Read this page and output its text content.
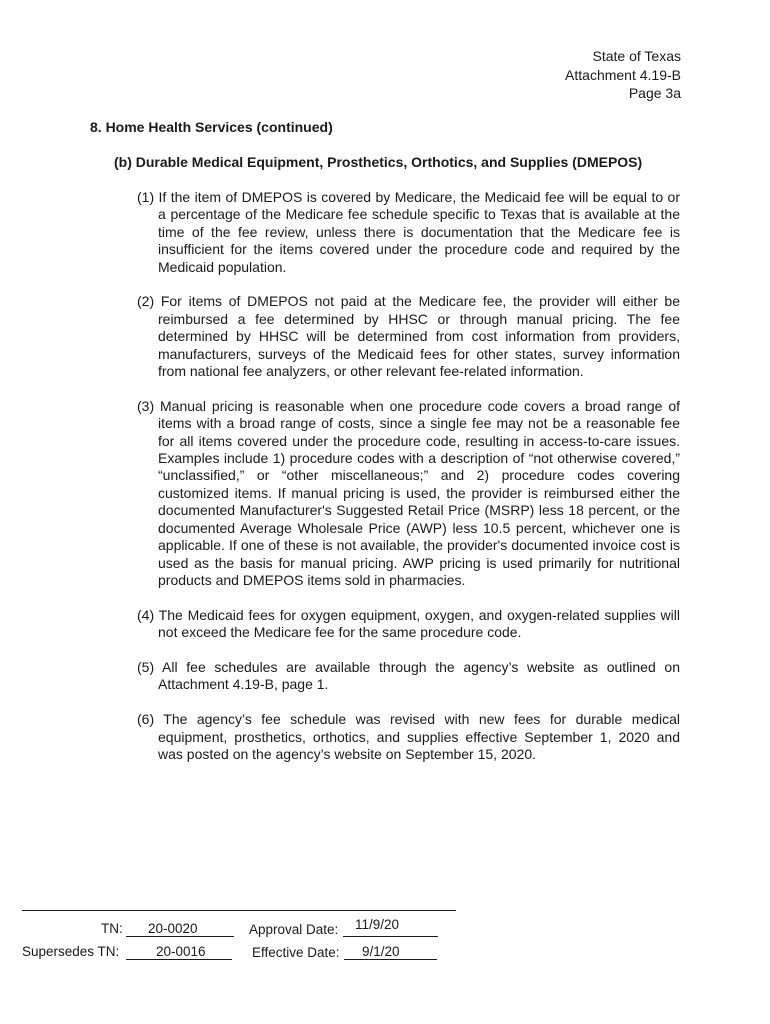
State of Texas
Attachment 4.19-B
Page 3a
8. Home Health Services (continued)
(b) Durable Medical Equipment, Prosthetics, Orthotics, and Supplies (DMEPOS)

(1) If the item of DMEPOS is covered by Medicare, the Medicaid fee will be equal to or a percentage of the Medicare fee schedule specific to Texas that is available at the time of the fee review, unless there is documentation that the Medicare fee is insufficient for the items covered under the procedure code and required by the Medicaid population.

(2) For items of DMEPOS not paid at the Medicare fee, the provider will either be reimbursed a fee determined by HHSC or through manual pricing. The fee determined by HHSC will be determined from cost information from providers, manufacturers, surveys of the Medicaid fees for other states, survey information from national fee analyzers, or other relevant fee-related information.

(3) Manual pricing is reasonable when one procedure code covers a broad range of items with a broad range of costs, since a single fee may not be a reasonable fee for all items covered under the procedure code, resulting in access-to-care issues. Examples include 1) procedure codes with a description of “not otherwise covered,” “unclassified,” or “other miscellaneous;” and 2) procedure codes covering customized items. If manual pricing is used, the provider is reimbursed either the documented Manufacturer's Suggested Retail Price (MSRP) less 18 percent, or the documented Average Wholesale Price (AWP) less 10.5 percent, whichever one is applicable. If one of these is not available, the provider's documented invoice cost is used as the basis for manual pricing. AWP pricing is used primarily for nutritional products and DMEPOS items sold in pharmacies.

(4) The Medicaid fees for oxygen equipment, oxygen, and oxygen-related supplies will not exceed the Medicare fee for the same procedure code.

(5) All fee schedules are available through the agency’s website as outlined on Attachment 4.19-B, page 1.

(6) The agency’s fee schedule was revised with new fees for durable medical equipment, prosthetics, orthotics, and supplies effective September 1, 2020 and was posted on the agency’s website on September 15, 2020.

TN: 20-0020	Approval Date: 11/9/20
Supersedes TN:	20-0016	Effective Date: 9/1/20
